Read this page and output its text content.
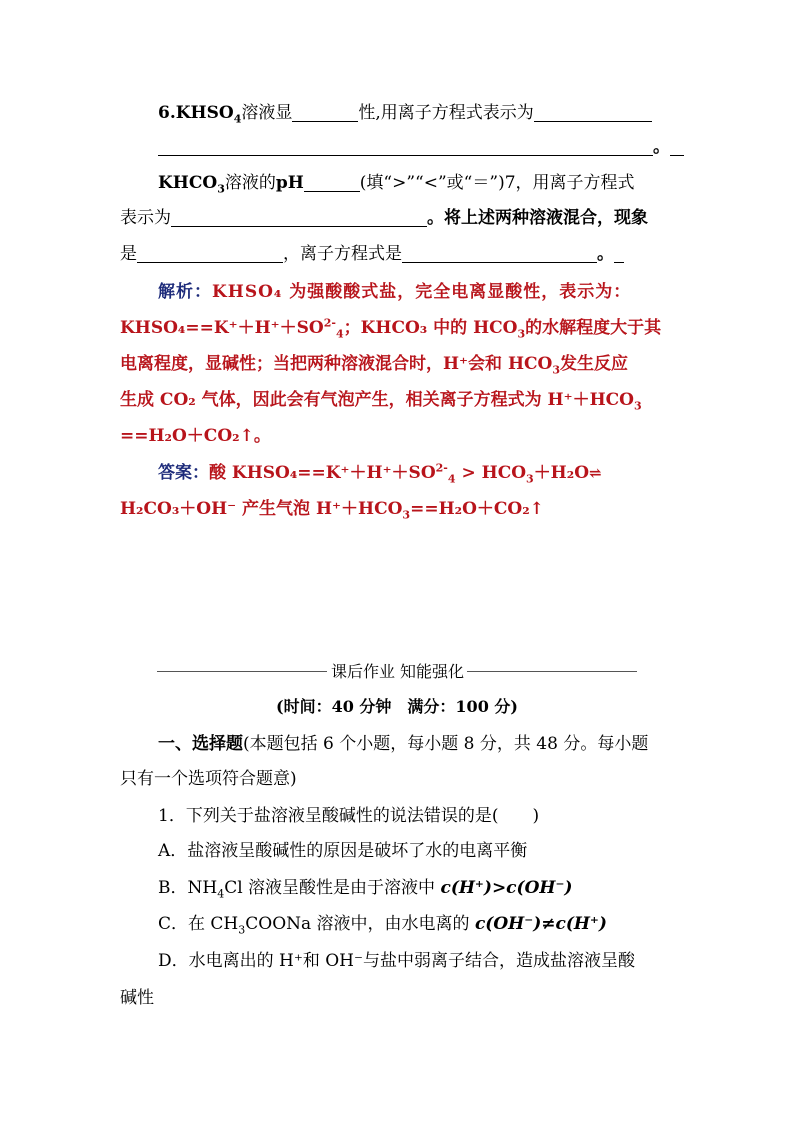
$6.KHSO_4$溶液显	性,用离子方程式表示为
。
$KHCO_3$溶液的pH	(填“>”“<”或“＝”)7，用离子方程式
表示为	。将上述两种溶液混合，现象
是	，离子方程式是	。
解析：KHSO₄ 为强酸酸式盐，完全电离显酸性，表示为：
$KHSO_4==K^++H^++SO^{2-}_4$；KHCO₃ 中的 $HCO_3$的水解程度大于其
电离程度，显碱性；当把两种溶液混合时，H⁺会和 $HCO_3$发生反应
生成 CO₂ 气体，因此会有气泡产生，相关离子方程式为 $H^++HCO_3$
==H₂O＋CO₂↑。
答案：酸 $KHSO_4==K^++H^++SO^{2-}_4$ > $HCO_3+H_2O\rightleftharpoons$
H₂CO₃＋OH⁻ 产生气泡 $H^++HCO_3==H_2O+CO_2↑$
课后作业 知能强化
(时间：40 分钟　满分：100 分)
一、选择题(本题包括 6 个小题，每小题 8 分，共 48 分。每小题
只有一个选项符合题意)
1．下列关于盐溶液呈酸碱性的说法错误的是(　　)
A．盐溶液呈酸碱性的原因是破坏了水的电离平衡
B．$NH_4Cl$ 溶液呈酸性是由于溶液中 c(H⁺)>c(OH⁻)
C．在 $CH_3COONa$ 溶液中，由水电离的 c(OH⁻)≠c(H⁺)
D．水电离出的 H⁺和 OH⁻与盐中弱离子结合，造成盐溶液呈酸
碱性
